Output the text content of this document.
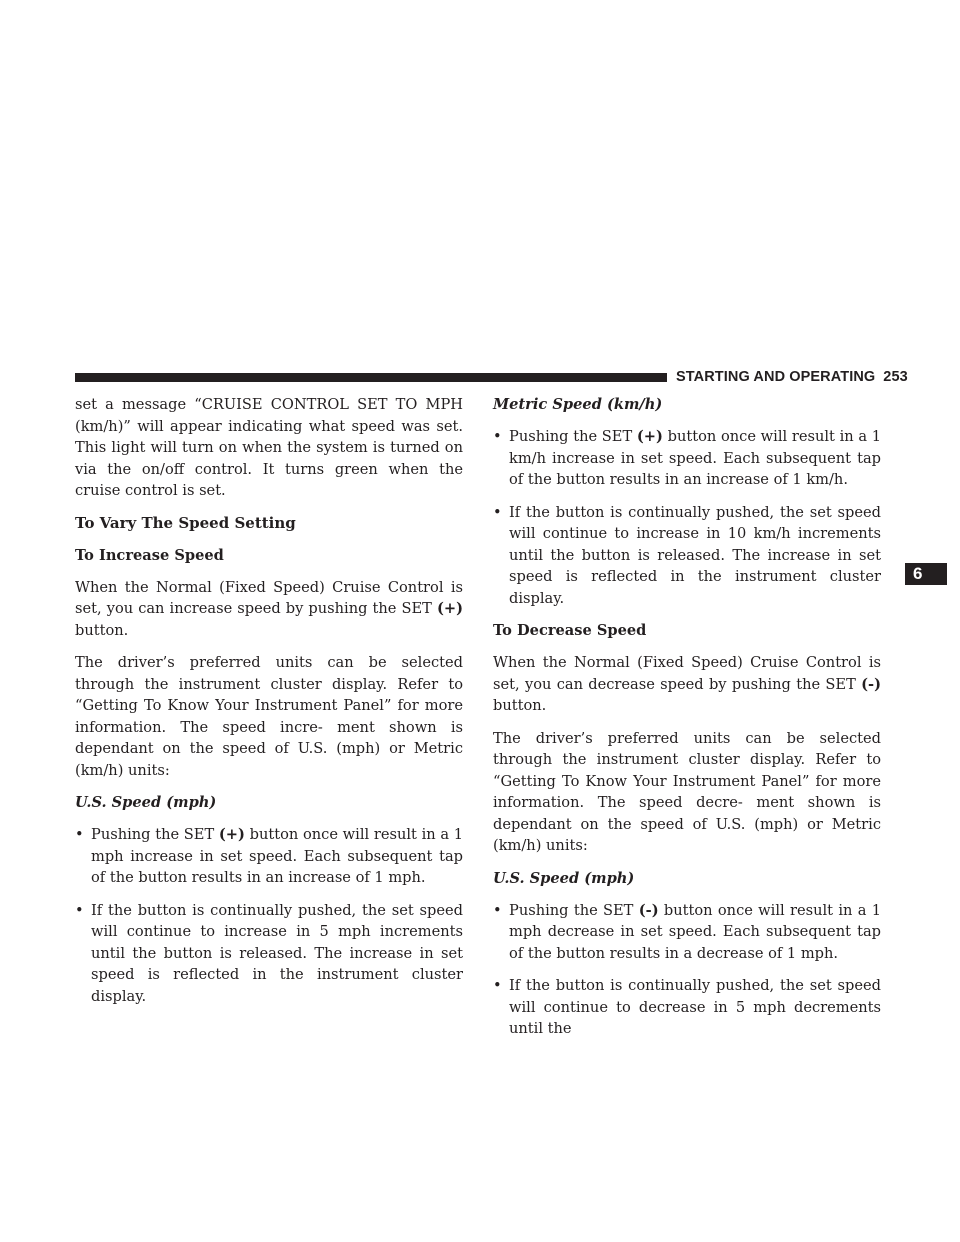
STARTING AND OPERATING 253
6

set a message “CRUISE CONTROL SET TO MPH (km/h)” will appear indicating what speed was set. This light will turn on when the system is turned on via the on/off control. It turns green when the cruise control is set.

To Vary The Speed Setting
To Increase Speed

When the Normal (Fixed Speed) Cruise Control is set, you can increase speed by pushing the SET (+) button.

The driver’s preferred units can be selected through the instrument cluster display. Refer to “Getting To Know Your Instrument Panel” for more information. The speed incre- ment shown is dependant on the speed of U.S. (mph) or Metric (km/h) units:

U.S. Speed (mph)
• Pushing the SET (+) button once will result in a 1 mph increase in set speed. Each subsequent tap of the button results in an increase of 1 mph.
• If the button is continually pushed, the set speed will continue to increase in 5 mph increments until the button is released. The increase in set speed is reflected in the instrument cluster display.
Metric Speed (km/h)
• Pushing the SET (+) button once will result in a 1 km/h increase in set speed. Each subsequent tap of the button results in an increase of 1 km/h.
• If the button is continually pushed, the set speed will continue to increase in 10 km/h increments until the button is released. The increase in set speed is reflected in the instrument cluster display.
To Decrease Speed

When the Normal (Fixed Speed) Cruise Control is set, you can decrease speed by pushing the SET (-) button.

The driver’s preferred units can be selected through the instrument cluster display. Refer to “Getting To Know Your Instrument Panel” for more information. The speed decre- ment shown is dependant on the speed of U.S. (mph) or Metric (km/h) units:

U.S. Speed (mph)
• Pushing the SET (-) button once will result in a 1 mph decrease in set speed. Each subsequent tap of the button results in a decrease of 1 mph.
• If the button is continually pushed, the set speed will continue to decrease in 5 mph decrements until the
